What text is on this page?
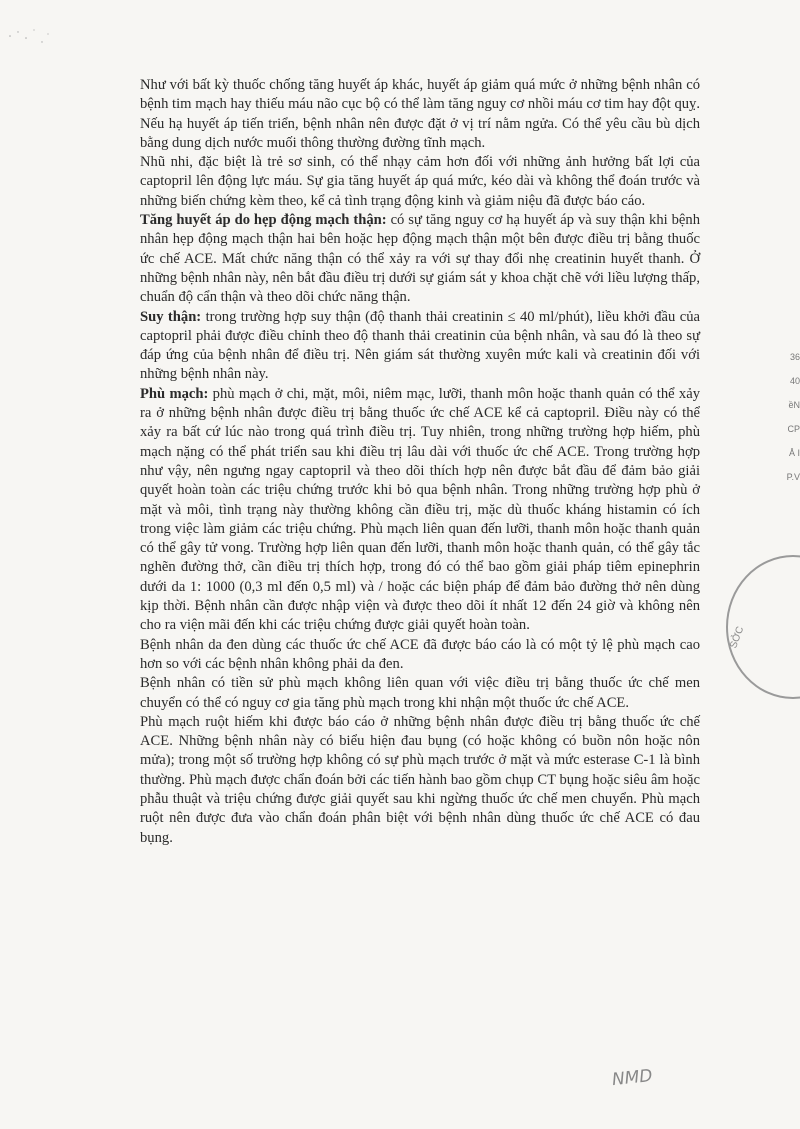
Như với bất kỳ thuốc chống tăng huyết áp khác, huyết áp giảm quá mức ở những bệnh nhân có bệnh tim mạch hay thiếu máu não cục bộ có thể làm tăng nguy cơ nhồi máu cơ tim hay đột quỵ. Nếu hạ huyết áp tiến triển, bệnh nhân nên được đặt ở vị trí nằm ngửa. Có thể yêu cầu bù dịch bằng dung dịch nước muối thông thường đường tĩnh mạch.

Nhũ nhi, đặc biệt là trẻ sơ sinh, có thể nhạy cảm hơn đối với những ảnh hưởng bất lợi của captopril lên động lực máu. Sự gia tăng huyết áp quá mức, kéo dài và không thể đoán trước và những biến chứng kèm theo, kể cả tình trạng động kinh và giảm niệu đã được báo cáo.

Tăng huyết áp do hẹp động mạch thận: có sự tăng nguy cơ hạ huyết áp và suy thận khi bệnh nhân hẹp động mạch thận hai bên hoặc hẹp động mạch thận một bên được điều trị bằng thuốc ức chế ACE. Mất chức năng thận có thể xảy ra với sự thay đổi nhẹ creatinin huyết thanh. Ở những bệnh nhân này, nên bắt đầu điều trị dưới sự giám sát y khoa chặt chẽ với liều lượng thấp, chuẩn độ cẩn thận và theo dõi chức năng thận.

Suy thận: trong trường hợp suy thận (độ thanh thải creatinin ≤ 40 ml/phút), liều khởi đầu của captopril phải được điều chỉnh theo độ thanh thải creatinin của bệnh nhân, và sau đó là theo sự đáp ứng của bệnh nhân để điều trị. Nên giám sát thường xuyên mức kali và creatinin đối với những bệnh nhân này.

Phù mạch: phù mạch ở chi, mặt, môi, niêm mạc, lưỡi, thanh môn hoặc thanh quản có thể xảy ra ở những bệnh nhân được điều trị bằng thuốc ức chế ACE kể cả captopril. Điều này có thể xảy ra bất cứ lúc nào trong quá trình điều trị. Tuy nhiên, trong những trường hợp hiếm, phù mạch nặng có thể phát triển sau khi điều trị lâu dài với thuốc ức chế ACE. Trong trường hợp như vậy, nên ngưng ngay captopril và theo dõi thích hợp nên được bắt đầu để đảm bảo giải quyết hoàn toàn các triệu chứng trước khi bỏ qua bệnh nhân. Trong những trường hợp phù ở mặt và môi, tình trạng này thường không cần điều trị, mặc dù thuốc kháng histamin có ích trong việc làm giảm các triệu chứng. Phù mạch liên quan đến lưỡi, thanh môn hoặc thanh quản có thể gây tử vong. Trường hợp liên quan đến lưỡi, thanh môn hoặc thanh quản, có thể gây tắc nghẽn đường thở, cần điều trị thích hợp, trong đó có thể bao gồm giải pháp tiêm epinephrin dưới da 1: 1000 (0,3 ml đến 0,5 ml) và / hoặc các biện pháp để đảm bảo đường thở nên dùng kịp thời. Bệnh nhân cần được nhập viện và được theo dõi ít nhất 12 đến 24 giờ và không nên cho ra viện mãi đến khi các triệu chứng được giải quyết hoàn toàn.

Bệnh nhân da đen dùng các thuốc ức chế ACE đã được báo cáo là có một tỷ lệ phù mạch cao hơn so với các bệnh nhân không phải da đen.

Bệnh nhân có tiền sử phù mạch không liên quan với việc điều trị bằng thuốc ức chế men chuyển có thể có nguy cơ gia tăng phù mạch trong khi nhận một thuốc ức chế ACE.

Phù mạch ruột hiếm khi được báo cáo ở những bệnh nhân được điều trị bằng thuốc ức chế ACE. Những bệnh nhân này có biểu hiện đau bụng (có hoặc không có buồn nôn hoặc nôn mửa); trong một số trường hợp không có sự phù mạch trước ở mặt và mức esterase C-1 là bình thường. Phù mạch được chẩn đoán bởi các tiến hành bao gồm chụp CT bụng hoặc siêu âm hoặc phẫu thuật và triệu chứng được giải quyết sau khi ngừng thuốc ức chế men chuyển. Phù mạch ruột nên được đưa vào chẩn đoán phân biệt với bệnh nhân dùng thuốc ức chế ACE có đau bụng.

36
40
ềN
CP
Å I
P.V
SỞC
NMD
